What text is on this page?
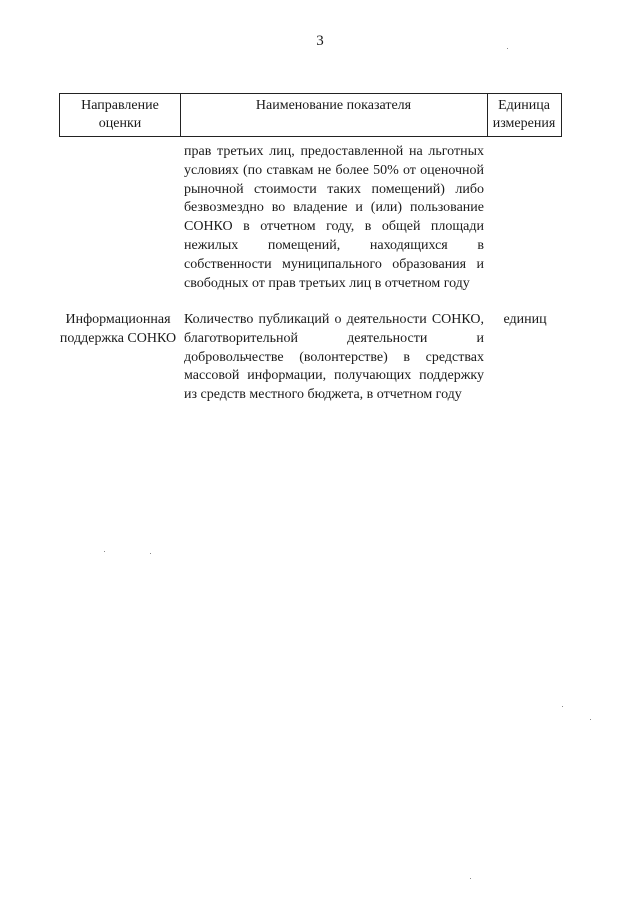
3
Направление оценки
Наименование показателя	Единица измерения
прав третьих лиц, предоставленной на льготных условиях (по ставкам не более 50% от оценочной рыночной стоимости таких помещений) либо безвозмездно во владение и (или) пользование СОНКО в отчетном году, в общей площади нежилых помещений, находящихся в собственности муниципального образования и свободных от прав третьих лиц в отчетном году
Информационная поддержка СОНКО
Количество публикаций о деятельности СОНКО, благотворительной деятельности и добровольчестве (волонтерстве) в средствах массовой информации, получающих поддержку из средств местного бюджета, в отчетном году
единиц
